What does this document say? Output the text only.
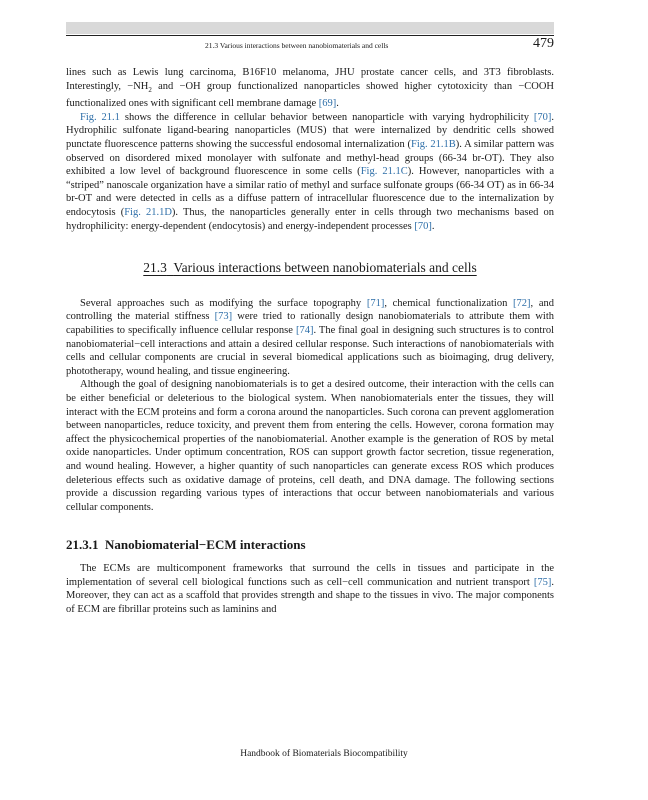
21.3 Various interactions between nanobiomaterials and cells	479

lines such as Lewis lung carcinoma, B16F10 melanoma, JHU prostate cancer cells, and 3T3 fibroblasts. Interestingly, $-NH_2$ and −OH group functionalized nanoparticles showed higher cytotoxicity than −COOH functionalized ones with significant cell membrane damage [69].

Fig. 21.1 shows the difference in cellular behavior between nanoparticle with varying hydrophilicity [70]. Hydrophilic sulfonate ligand-bearing nanoparticles (MUS) that were internalized by dendritic cells showed punctate fluorescence patterns showing the successful endosomal internalization (Fig. 21.1B). A similar pattern was observed on disordered mixed monolayer with sulfonate and methyl-head groups (66-34 br-OT). They also exhibited a low level of background fluorescence in some cells (Fig. 21.1C). However, nanoparticles with a “striped” nanoscale organization have a similar ratio of methyl and surface sulfonate groups (66-34 OT) as in 66-34 br-OT and were detected in cells as a diffuse pattern of intracellular fluorescence due to the internalization by endocytosis (Fig. 21.1D). Thus, the nanoparticles generally enter in cells through two mechanisms based on hydrophilicity: energy-dependent (endocytosis) and energy-independent processes [70].

21.3 Various interactions between nanobiomaterials and cells

Several approaches such as modifying the surface topography [71], chemical functionalization [72], and controlling the material stiffness [73] were tried to rationally design nanobiomaterials to attribute them with capabilities to specifically influence cellular response [74]. The final goal in designing such structures is to control nanobiomaterial−cell interactions and attain a desired cellular response. Such interactions of nanobiomaterials with cells and cellular components are crucial in several biomedical applications such as bioimaging, drug delivery, phototherapy, wound healing, and tissue engineering.

Although the goal of designing nanobiomaterials is to get a desired outcome, their interaction with the cells can be either beneficial or deleterious to the biological system. When nanobiomaterials enter the tissues, they will interact with the ECM proteins and form a corona around the nanoparticles. Such corona can prevent agglomeration between nanoparticles, reduce toxicity, and prevent them from entering the cells. However, corona formation may affect the physicochemical properties of the nanobiomaterial. Another example is the generation of ROS by metal oxide nanoparticles. Under optimum concentration, ROS can support growth factor secretion, tissue regeneration, and wound healing. However, a higher quantity of such nanoparticles can generate excess ROS which produces deleterious effects such as oxidative damage of proteins, cell death, and DNA damage. The following sections provide a discussion regarding various types of interactions that occur between nanobiomaterials and various cellular components.

21.3.1 Nanobiomaterial−ECM interactions

The ECMs are multicomponent frameworks that surround the cells in tissues and participate in the implementation of several cell biological functions such as cell−cell communication and nutrient transport [75]. Moreover, they can act as a scaffold that provides strength and shape to the tissues in vivo. The major components of ECM are fibrillar proteins such as laminins and

Handbook of Biomaterials Biocompatibility
